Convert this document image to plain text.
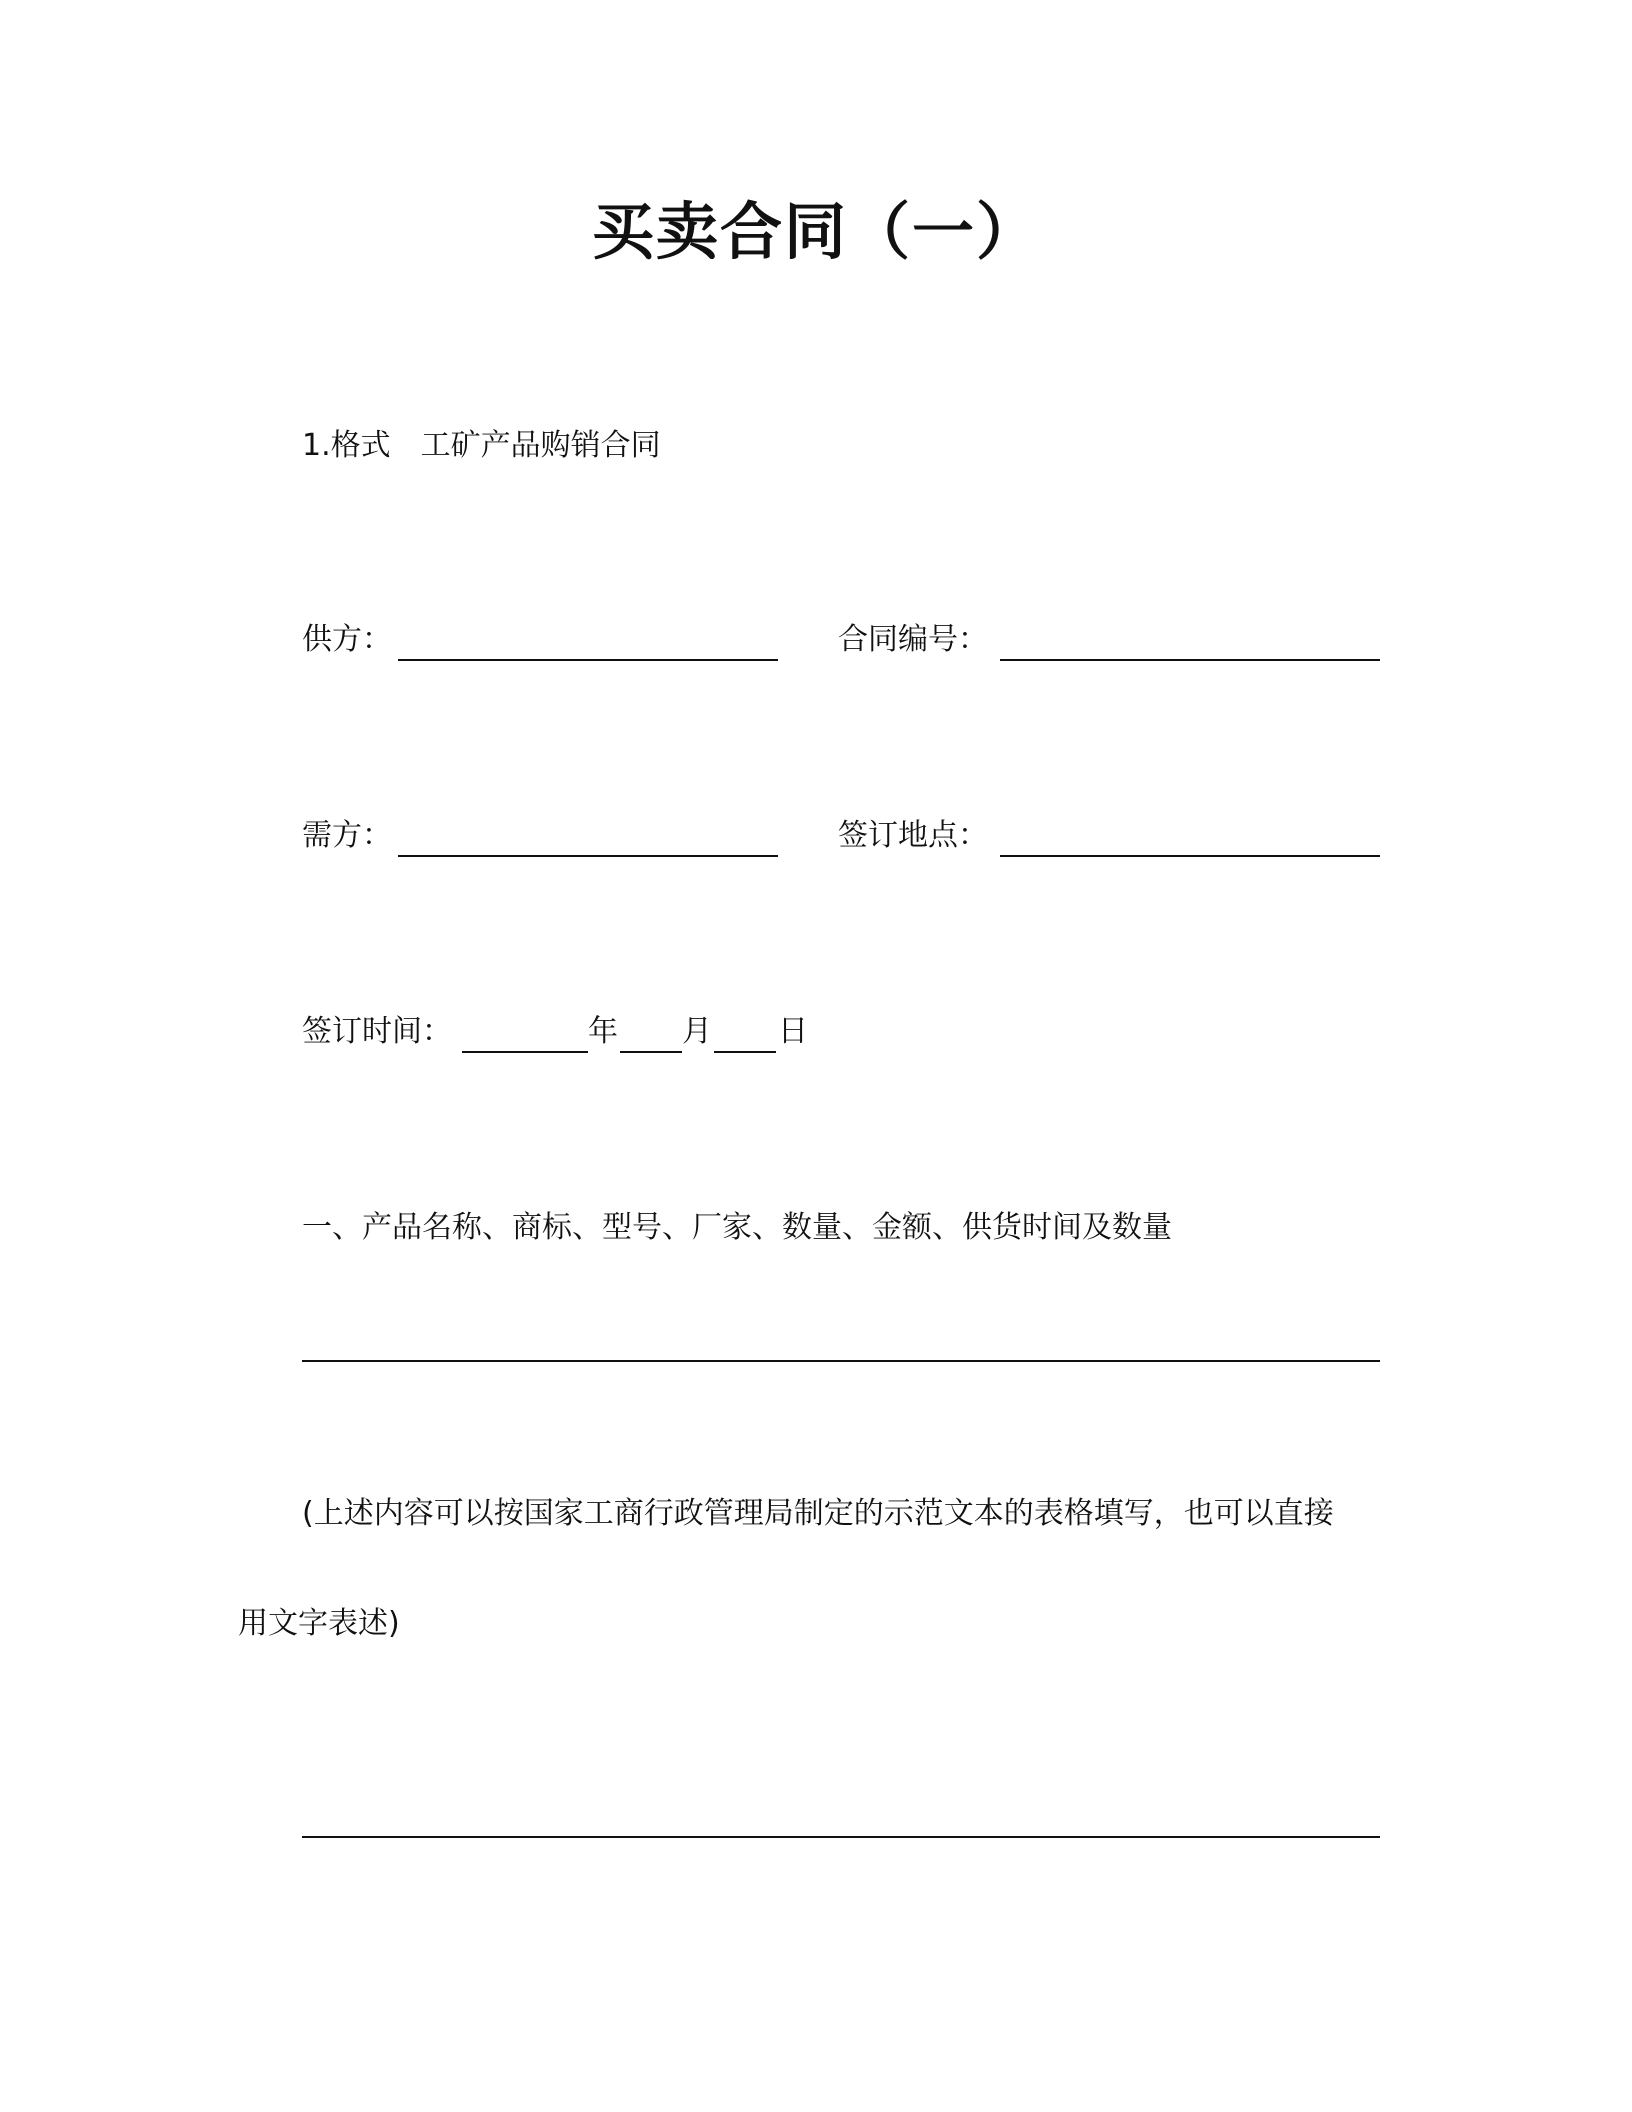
买卖合同（一）
1.格式　工矿产品购销合同
供方：	合同编号：
需方：	签订地点：
签订时间：	年 月 日
一、产品名称、商标、型号、厂家、数量、金额、供货时间及数量
(上述内容可以按国家工商行政管理局制定的示范文本的表格填写，也可以直接
用文字表述)
